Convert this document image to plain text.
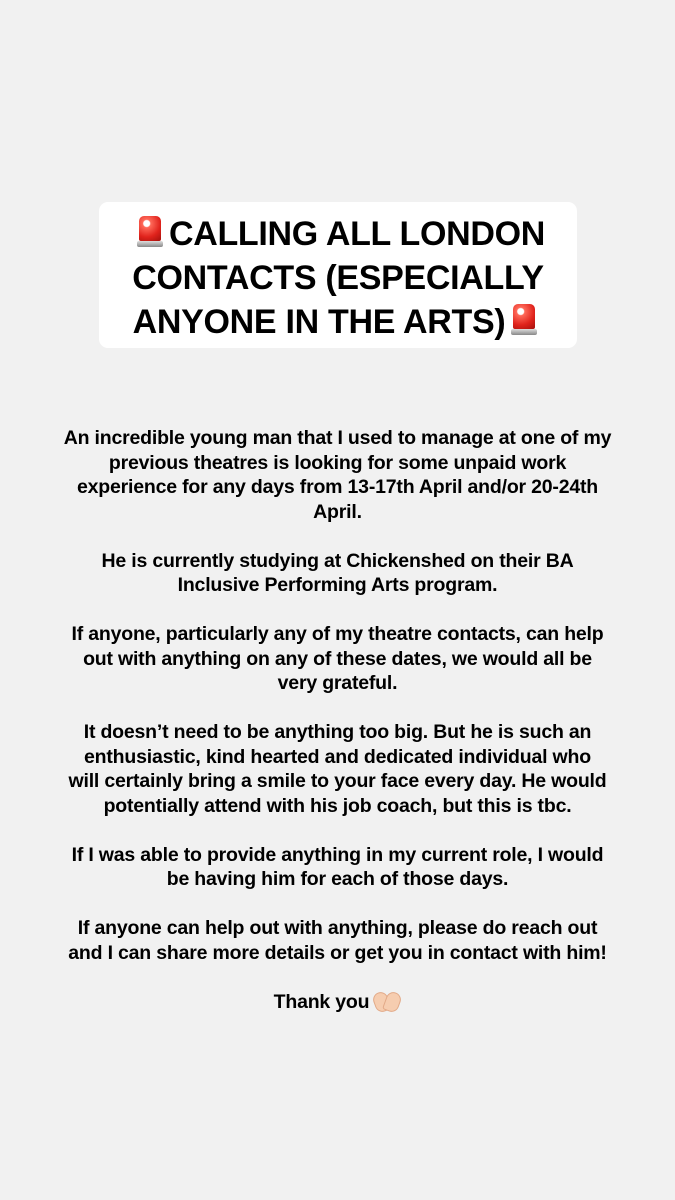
CALLING ALL LONDON
CONTACTS (ESPECIALLY
ANYONE IN THE ARTS)
An incredible young man that I used to manage at one of my
previous theatres is looking for some unpaid work
experience for any days from 13-17th April and/or 20-24th
April.
He is currently studying at Chickenshed on their BA
Inclusive Performing Arts program.
If anyone, particularly any of my theatre contacts, can help
out with anything on any of these dates, we would all be
very grateful.
It doesn’t need to be anything too big. But he is such an
enthusiastic, kind hearted and dedicated individual who
will certainly bring a smile to your face every day. He would
potentially attend with his job coach, but this is tbc.
If I was able to provide anything in my current role, I would
be having him for each of those days.
If anyone can help out with anything, please do reach out
and I can share more details or get you in contact with him!
Thank you
